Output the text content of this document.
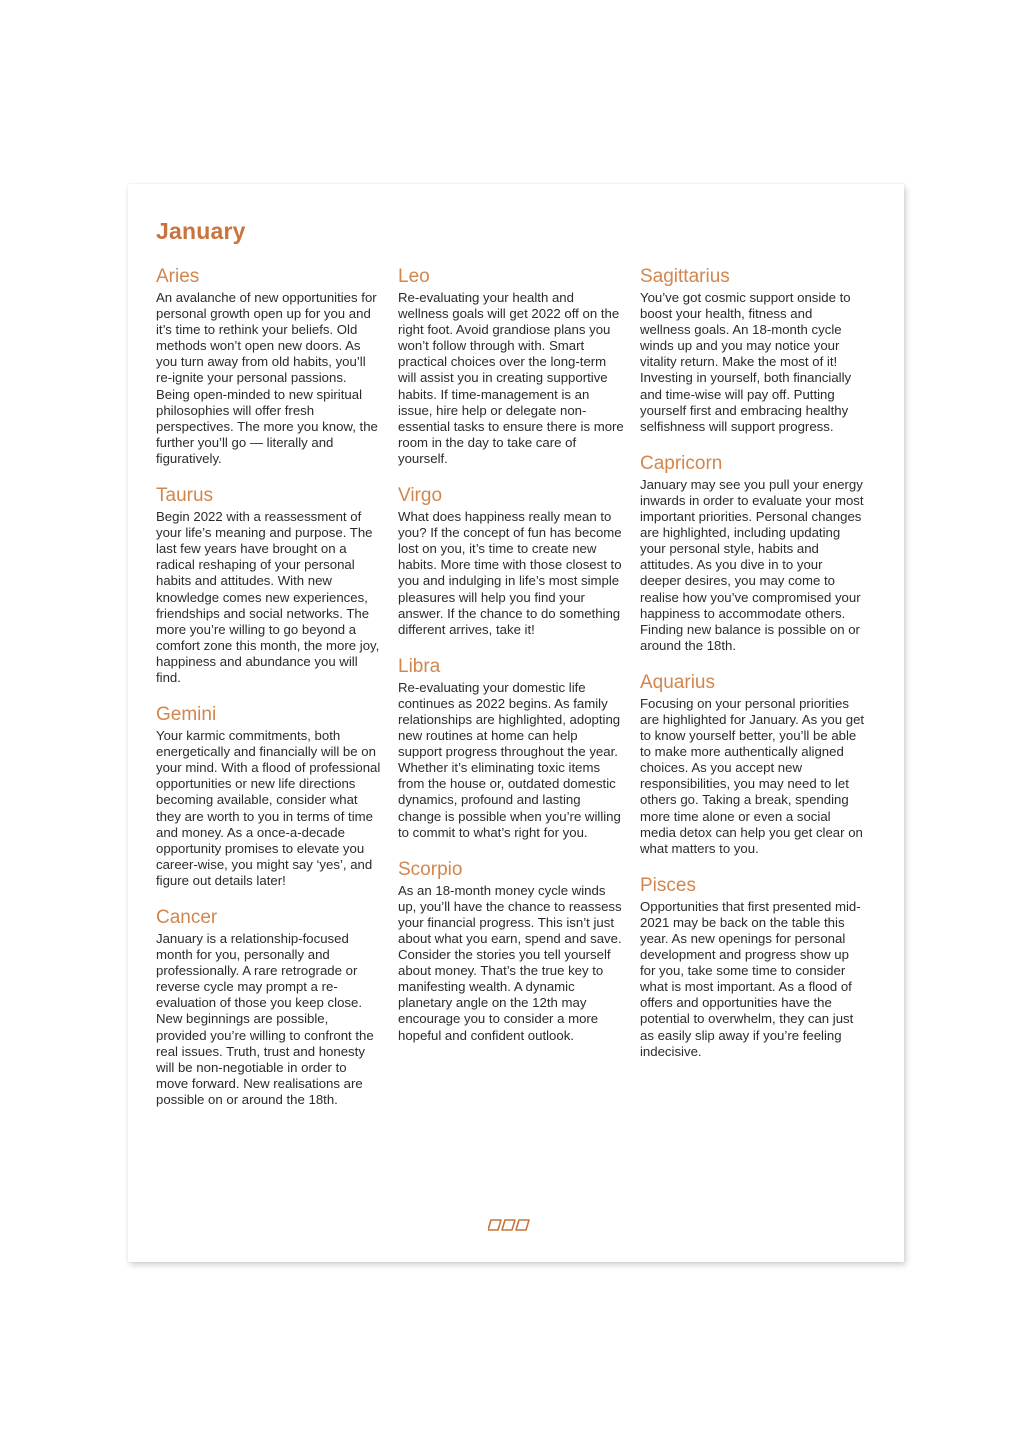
January
Aries

An avalanche of new opportunities for personal growth open up for you and it’s time to rethink your beliefs. Old methods won’t open new doors. As you turn away from old habits, you’ll re-ignite your personal passions. Being open-minded to new spiritual philosophies will offer fresh perspectives. The more you know, the further you’ll go — literally and figuratively.

Taurus

Begin 2022 with a reassessment of your life’s meaning and purpose. The last few years have brought on a radical reshaping of your personal habits and attitudes. With new knowledge comes new experiences, friendships and social networks. The more you’re willing to go beyond a comfort zone this month, the more joy, happiness and abundance you will find.

Gemini

Your karmic commitments, both energetically and financially will be on your mind. With a flood of professional opportunities or new life directions becoming available, consider what they are worth to you in terms of time and money. As a once-a-decade opportunity promises to elevate you career-wise, you might say ‘yes’, and figure out details later!

Cancer

January is a relationship-focused month for you, personally and professionally. A rare retrograde or reverse cycle may prompt a re-evaluation of those you keep close. New beginnings are possible, provided you’re willing to confront the real issues. Truth, trust and honesty will be non-negotiable in order to move forward. New realisations are possible on or around the 18th.

Leo

Re-evaluating your health and wellness goals will get 2022 off on the right foot. Avoid grandiose plans you won’t follow through with. Smart practical choices over the long-term will assist you in creating supportive habits. If time-management is an issue, hire help or delegate non-essential tasks to ensure there is more room in the day to take care of yourself.

Virgo

What does happiness really mean to you? If the concept of fun has become lost on you, it’s time to create new habits. More time with those closest to you and indulging in life’s most simple pleasures will help you find your answer. If the chance to do something different arrives, take it!

Libra

Re-evaluating your domestic life continues as 2022 begins. As family relationships are highlighted, adopting new routines at home can help support progress throughout the year. Whether it’s eliminating toxic items from the house or, outdated domestic dynamics, profound and lasting change is possible when you’re willing to commit to what’s right for you.

Scorpio

As an 18-month money cycle winds up, you’ll have the chance to reassess your financial progress. This isn’t just about what you earn, spend and save. Consider the stories you tell yourself about money. That’s the true key to manifesting wealth. A dynamic planetary angle on the 12th may encourage you to consider a more hopeful and confident outlook.

Sagittarius

You’ve got cosmic support onside to boost your health, fitness and wellness goals. An 18-month cycle winds up and you may notice your vitality return. Make the most of it! Investing in yourself, both financially and time-wise will pay off. Putting yourself first and embracing healthy selfishness will support progress.

Capricorn

January may see you pull your energy inwards in order to evaluate your most important priorities. Personal changes are highlighted, including updating your personal style, habits and attitudes. As you dive in to your deeper desires, you may come to realise how you’ve compromised your happiness to accommodate others. Finding new balance is possible on or around the 18th.

Aquarius

Focusing on your personal priorities are highlighted for January. As you get to know yourself better, you’ll be able to make more authentically aligned choices. As you accept new responsibilities, you may need to let others go. Taking a break, spending more time alone or even a social media detox can help you get clear on what matters to you.

Pisces

Opportunities that first presented mid-2021 may be back on the table this year. As new openings for personal development and progress show up for you, take some time to consider what is most important. As a flood of offers and opportunities have the potential to overwhelm, they can just as easily slip away if you’re feeling indecisive.
